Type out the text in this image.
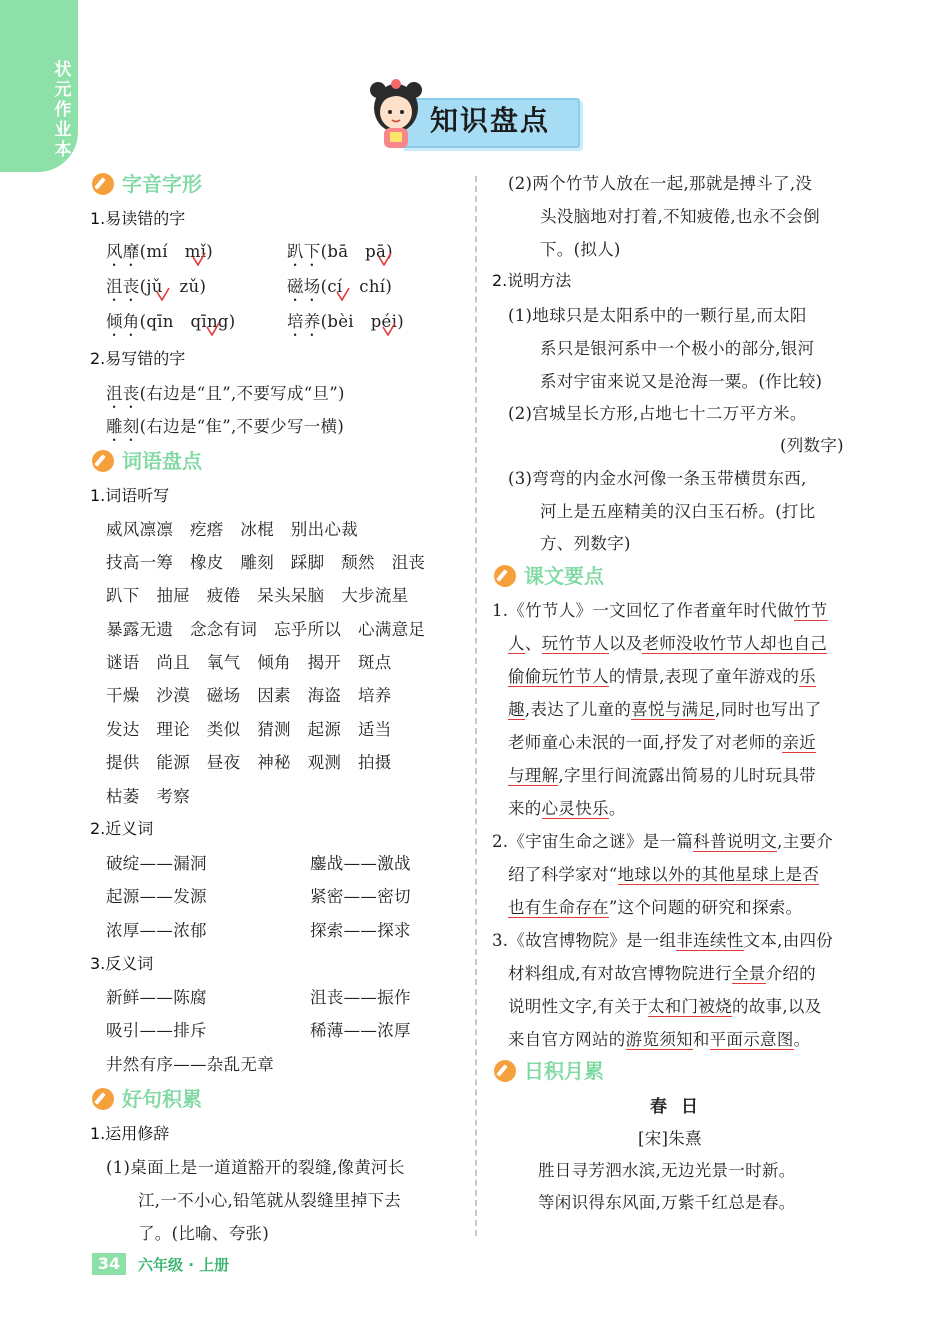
状元作业本
知识盘点
字音字形
1.易读错的字
风靡(mí　 mǐ)	趴下(bā　 pā)
沮丧(jǔ　 zǔ)	磁场(cí　 chí)
倾角(qīn　 qīng)	培养(bèi　 péi)
2.易写错的字
沮丧(右边是“且”,不要写成“旦”)
雕刻(右边是“隹”,不要少写一横)
词语盘点
1.词语听写
威风凛凛　疙瘩　冰棍　别出心裁
技高一筹　橡皮　雕刻　踩脚　颓然　沮丧
趴下　抽屉　疲倦　呆头呆脑　大步流星
暴露无遗　念念有词　忘乎所以　心满意足
谜语　尚且　氧气　倾角　揭开　斑点
干燥　沙漠　磁场　因素　海盗　培养
发达　理论　类似　猜测　起源　适当
提供　能源　昼夜　神秘　观测　拍摄
枯萎　考察
2.近义词
破绽——漏洞	鏖战——激战
起源——发源	紧密——密切
浓厚——浓郁	探索——探求
3.反义词
新鲜——陈腐	沮丧——振作
吸引——排斥	稀薄——浓厚
井然有序——杂乱无章
好句积累
1.运用修辞
(1)桌面上是一道道豁开的裂缝,像黄河长
江,一不小心,铅笔就从裂缝里掉下去
了。(比喻、夸张)
(2)两个竹节人放在一起,那就是搏斗了,没
头没脑地对打着,不知疲倦,也永不会倒
下。(拟人)
2.说明方法
(1)地球只是太阳系中的一颗行星,而太阳
系只是银河系中一个极小的部分,银河
系对宇宙来说又是沧海一粟。(作比较)
(2)宫城呈长方形,占地七十二万平方米。
(列数字)
(3)弯弯的内金水河像一条玉带横贯东西,
河上是五座精美的汉白玉石桥。(打比
方、列数字)
课文要点
1.《竹节人》一文回忆了作者童年时代做竹节
人、玩竹节人以及老师没收竹节人却也自己
偷偷玩竹节人的情景,表现了童年游戏的乐
趣,表达了儿童的喜悦与满足,同时也写出了
老师童心未泯的一面,抒发了对老师的亲近
与理解,字里行间流露出简易的儿时玩具带
来的心灵快乐。
2.《宇宙生命之谜》是一篇科普说明文,主要介
绍了科学家对“地球以外的其他星球上是否
也有生命存在”这个问题的研究和探索。
3.《故宫博物院》是一组非连续性文本,由四份
材料组成,有对故宫博物院进行全景介绍的
说明性文字,有关于太和门被烧的故事,以及
来自官方网站的游览须知和平面示意图。
日积月累
春日
[宋]朱熹
胜日寻芳泗水滨,无边光景一时新。
等闲识得东风面,万紫千红总是春。
34	六年级 · 上册
